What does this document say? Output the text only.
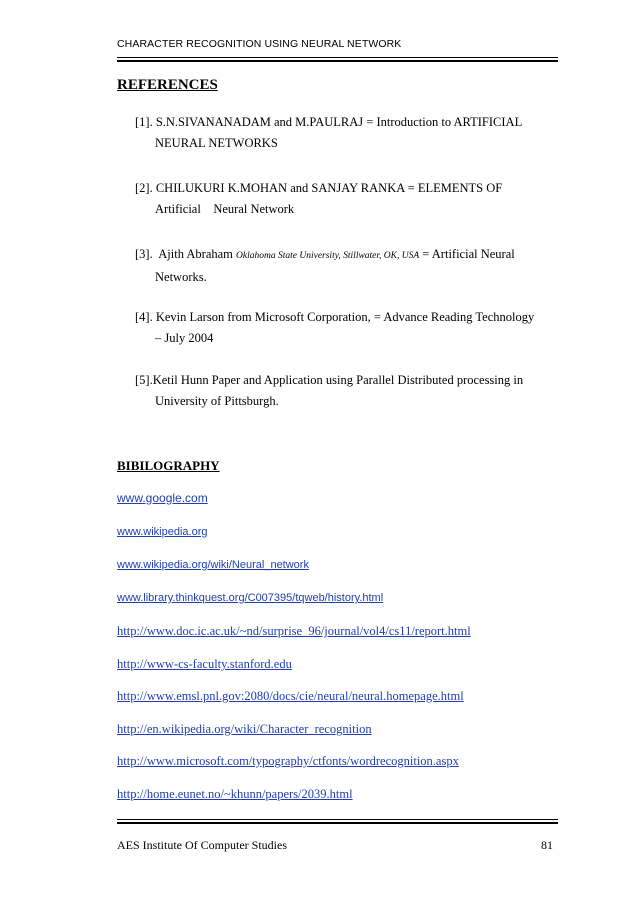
CHARACTER RECOGNITION USING NEURAL NETWORK
REFERENCES
[1]. S.N.SIVANANADAM and M.PAULRAJ = Introduction to ARTIFICIAL
NEURAL NETWORKS
[2]. CHILUKURI K.MOHAN and SANJAY RANKA = ELEMENTS OF
Artificial    Neural Network
[3].  Ajith Abraham Oklahoma State University, Stillwater, OK, USA = Artificial Neural
Networks.
[4]. Kevin Larson from Microsoft Corporation, = Advance Reading Technology
– July 2004
[5].Ketil Hunn Paper and Application using Parallel Distributed processing in
University of Pittsburgh.
BIBILOGRAPHY
www.google.com
www.wikipedia.org
www.wikipedia.org/wiki/Neural_network
www.library.thinkquest.org/C007395/tqweb/history.html
http://www.doc.ic.ac.uk/~nd/surprise_96/journal/vol4/cs11/report.html
http://www-cs-faculty.stanford.edu
http://www.emsl.pnl.gov:2080/docs/cie/neural/neural.homepage.html
http://en.wikipedia.org/wiki/Character_recognition
http://www.microsoft.com/typography/ctfonts/wordrecognition.aspx
http://home.eunet.no/~khunn/papers/2039.html
AES Institute Of Computer Studies	81
